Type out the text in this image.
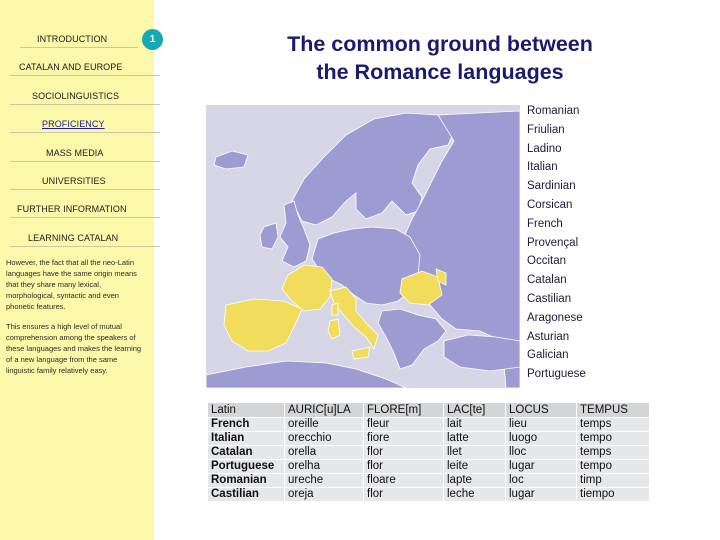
INTRODUCTION
CATALAN AND EUROPE
SOCIOLINGUISTICS
PROFICIENCY
MASS MEDIA
UNIVERSITIES
FURTHER INFORMATION
LEARNING CATALAN

However, the fact that all the neo-Latin languages have the same origin means that they share many lexical, morphological, syntactic and even phonetic features.

This ensures a high level of mutual comprehension among the speakers of these languages and makes the learning of a new language from the same linguistic family relatively easy.

1	The common ground between
the Romance languages
Romanian
Friulian
Ladino
Italian
Sardinian
Corsican
French
Provençal
Occitan
Catalan
Castilian
Aragonese
Asturian
Galician
Portuguese
Latin	AURIC[u]LA	FLORE[m]	LAC[te]	LOCUS	TEMPUS
French	oreille	fleur	lait	lieu	temps
Italian	orecchio	fiore	latte	luogo	tempo
Catalan	orella	flor	llet	lloc	temps
Portuguese	orelha	flor	leite	lugar	tempo
Romanian	ureche	floare	lapte	loc	timp
Castilian	oreja	flor	leche	lugar	tiempo
